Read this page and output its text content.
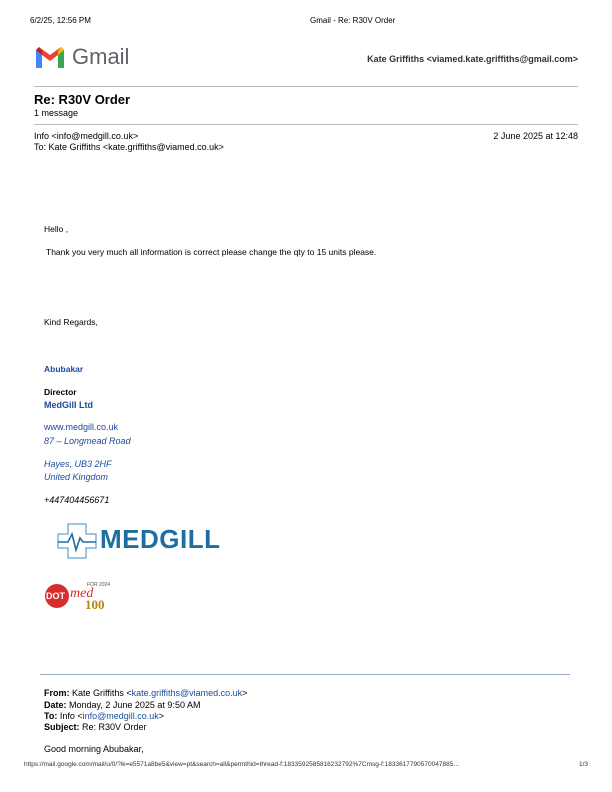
6/2/25, 12:56 PM	Gmail - Re: R30V Order
Gmail	Kate Griffiths <viamed.kate.griffiths@gmail.com>
Re: R30V Order
1 message
Info <info@medgill.co.uk>	2 June 2025 at 12:48
To: Kate Griffiths <kate.griffiths@viamed.co.uk>
Hello ,
Thank you very much all information is correct please change the qty to 15 units please.
Kind Regards,
Abubakar
Director
MedGill Ltd
www.medgill.co.uk
87 – Longmead Road
Hayes, UB3 2HF
United Kingdom
+447404456671
MEDGILL
DOT
FOR 2024
med
100
From: Kate Griffiths <kate.griffiths@viamed.co.uk>
Date: Monday, 2 June 2025 at 9:50 AM
To: Info <info@medgill.co.uk>
Subject: Re: R30V Order
Good morning Abubakar,
https://mail.google.com/mail/u/0/?ik=e5571a8be5&view=pt&search=all&permthid=thread-f:1833592585816232792%7Cmsg-f:1833617790570047885…	1/3
